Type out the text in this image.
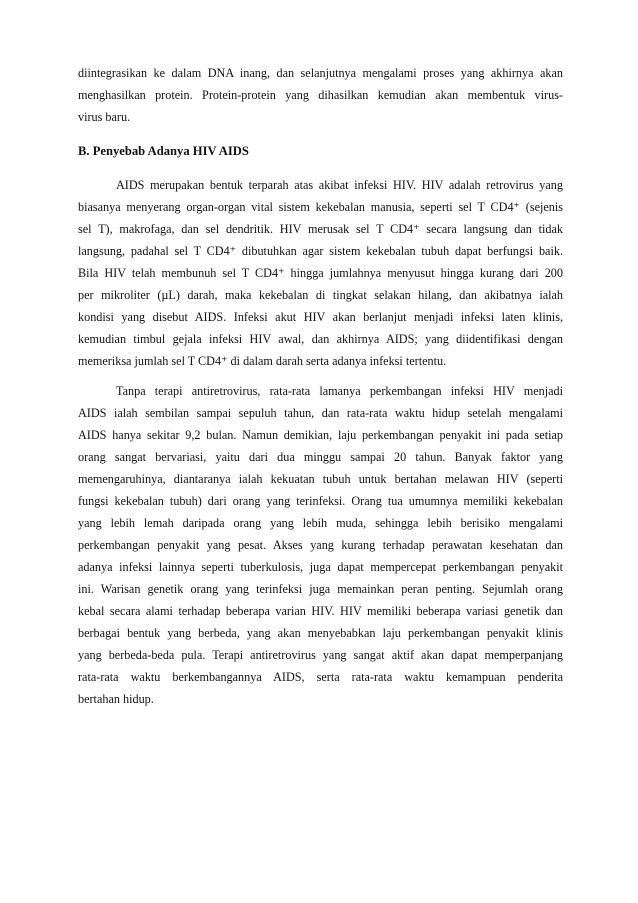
diintegrasikan ke dalam DNA inang, dan selanjutnya mengalami proses yang akhirnya akan
menghasilkan protein. Protein-protein yang dihasilkan kemudian akan membentuk virus-
virus baru.
B. Penyebab Adanya HIV AIDS
AIDS merupakan bentuk terparah atas akibat infeksi HIV. HIV adalah retrovirus yang
biasanya menyerang organ-organ vital sistem kekebalan manusia, seperti sel T CD4⁺ (sejenis
sel T), makrofaga, dan sel dendritik. HIV merusak sel T CD4⁺ secara langsung dan tidak
langsung, padahal sel T CD4⁺ dibutuhkan agar sistem kekebalan tubuh dapat berfungsi baik.
Bila HIV telah membunuh sel T CD4⁺ hingga jumlahnya menyusut hingga kurang dari 200
per mikroliter (µL) darah, maka kekebalan di tingkat selakan hilang, dan akibatnya ialah
kondisi yang disebut AIDS. Infeksi akut HIV akan berlanjut menjadi infeksi laten klinis,
kemudian timbul gejala infeksi HIV awal, dan akhirnya AIDS; yang diidentifikasi dengan
memeriksa jumlah sel T CD4⁺ di dalam darah serta adanya infeksi tertentu.
Tanpa terapi antiretrovirus, rata-rata lamanya perkembangan infeksi HIV menjadi
AIDS ialah sembilan sampai sepuluh tahun, dan rata-rata waktu hidup setelah mengalami
AIDS hanya sekitar 9,2 bulan. Namun demikian, laju perkembangan penyakit ini pada setiap
orang sangat bervariasi, yaitu dari dua minggu sampai 20 tahun. Banyak faktor yang
memengaruhinya, diantaranya ialah kekuatan tubuh untuk bertahan melawan HIV (seperti
fungsi kekebalan tubuh) dari orang yang terinfeksi. Orang tua umumnya memiliki kekebalan
yang lebih lemah daripada orang yang lebih muda, sehingga lebih berisiko mengalami
perkembangan penyakit yang pesat. Akses yang kurang terhadap perawatan kesehatan dan
adanya infeksi lainnya seperti tuberkulosis, juga dapat mempercepat perkembangan penyakit
ini. Warisan genetik orang yang terinfeksi juga memainkan peran penting. Sejumlah orang
kebal secara alami terhadap beberapa varian HIV. HIV memiliki beberapa variasi genetik dan
berbagai bentuk yang berbeda, yang akan menyebabkan laju perkembangan penyakit klinis
yang berbeda-beda pula. Terapi antiretrovirus yang sangat aktif akan dapat memperpanjang
rata-rata waktu berkembangannya AIDS, serta rata-rata waktu kemampuan penderita
bertahan hidup.
